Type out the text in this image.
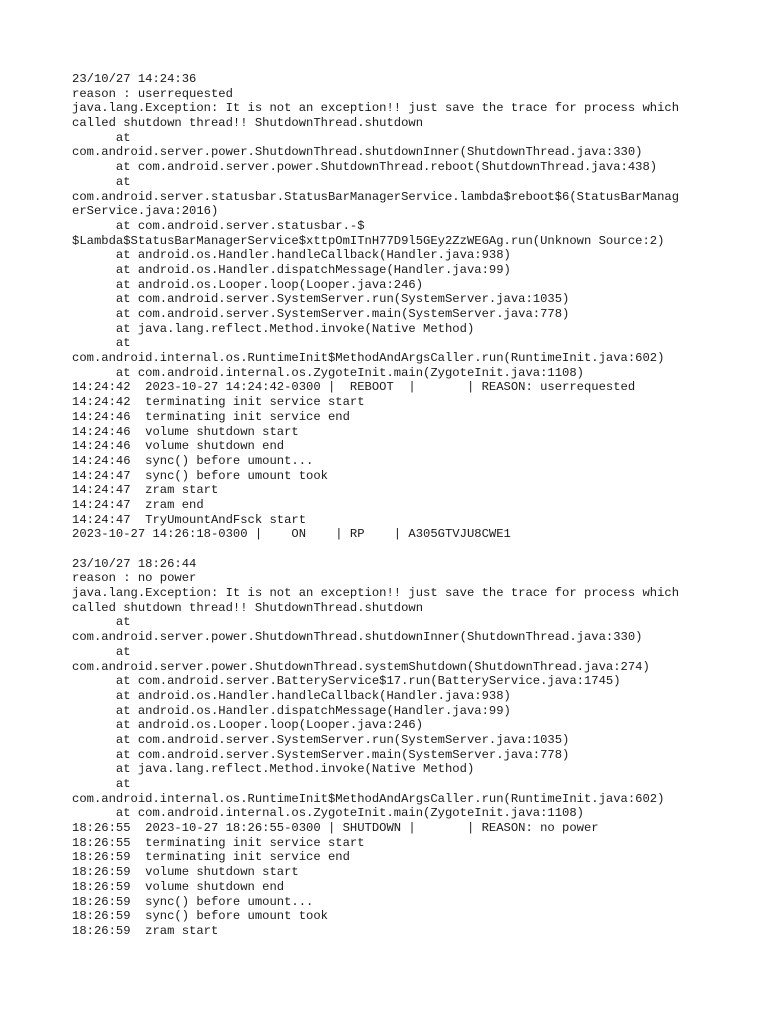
23/10/27 14:24:36
reason : userrequested
java.lang.Exception: It is not an exception!! just save the trace for process which
called shutdown thread!! ShutdownThread.shutdown
at
com.android.server.power.ShutdownThread.shutdownInner(ShutdownThread.java:330)
at com.android.server.power.ShutdownThread.reboot(ShutdownThread.java:438)
at
com.android.server.statusbar.StatusBarManagerService.lambda$reboot$6(StatusBarManag
erService.java:2016)
at com.android.server.statusbar.-$
$Lambda$StatusBarManagerService$xttpOmITnH77D9l5GEy2ZzWEGAg.run(Unknown Source:2)
at android.os.Handler.handleCallback(Handler.java:938)
at android.os.Handler.dispatchMessage(Handler.java:99)
at android.os.Looper.loop(Looper.java:246)
at com.android.server.SystemServer.run(SystemServer.java:1035)
at com.android.server.SystemServer.main(SystemServer.java:778)
at java.lang.reflect.Method.invoke(Native Method)
at
com.android.internal.os.RuntimeInit$MethodAndArgsCaller.run(RuntimeInit.java:602)
at com.android.internal.os.ZygoteInit.main(ZygoteInit.java:1108)
14:24:42  2023-10-27 14:24:42-0300 |  REBOOT  |       | REASON: userrequested
14:24:42  terminating init service start
14:24:46  terminating init service end
14:24:46  volume shutdown start
14:24:46  volume shutdown end
14:24:46  sync() before umount...
14:24:47  sync() before umount took
14:24:47  zram start
14:24:47  zram end
14:24:47  TryUmountAndFsck start
2023-10-27 14:26:18-0300 |    ON    | RP    | A305GTVJU8CWE1
23/10/27 18:26:44
reason : no power
java.lang.Exception: It is not an exception!! just save the trace for process which
called shutdown thread!! ShutdownThread.shutdown
at
com.android.server.power.ShutdownThread.shutdownInner(ShutdownThread.java:330)
at
com.android.server.power.ShutdownThread.systemShutdown(ShutdownThread.java:274)
at com.android.server.BatteryService$17.run(BatteryService.java:1745)
at android.os.Handler.handleCallback(Handler.java:938)
at android.os.Handler.dispatchMessage(Handler.java:99)
at android.os.Looper.loop(Looper.java:246)
at com.android.server.SystemServer.run(SystemServer.java:1035)
at com.android.server.SystemServer.main(SystemServer.java:778)
at java.lang.reflect.Method.invoke(Native Method)
at
com.android.internal.os.RuntimeInit$MethodAndArgsCaller.run(RuntimeInit.java:602)
at com.android.internal.os.ZygoteInit.main(ZygoteInit.java:1108)
18:26:55  2023-10-27 18:26:55-0300 | SHUTDOWN |       | REASON: no power
18:26:55  terminating init service start
18:26:59  terminating init service end
18:26:59  volume shutdown start
18:26:59  volume shutdown end
18:26:59  sync() before umount...
18:26:59  sync() before umount took
18:26:59  zram start
